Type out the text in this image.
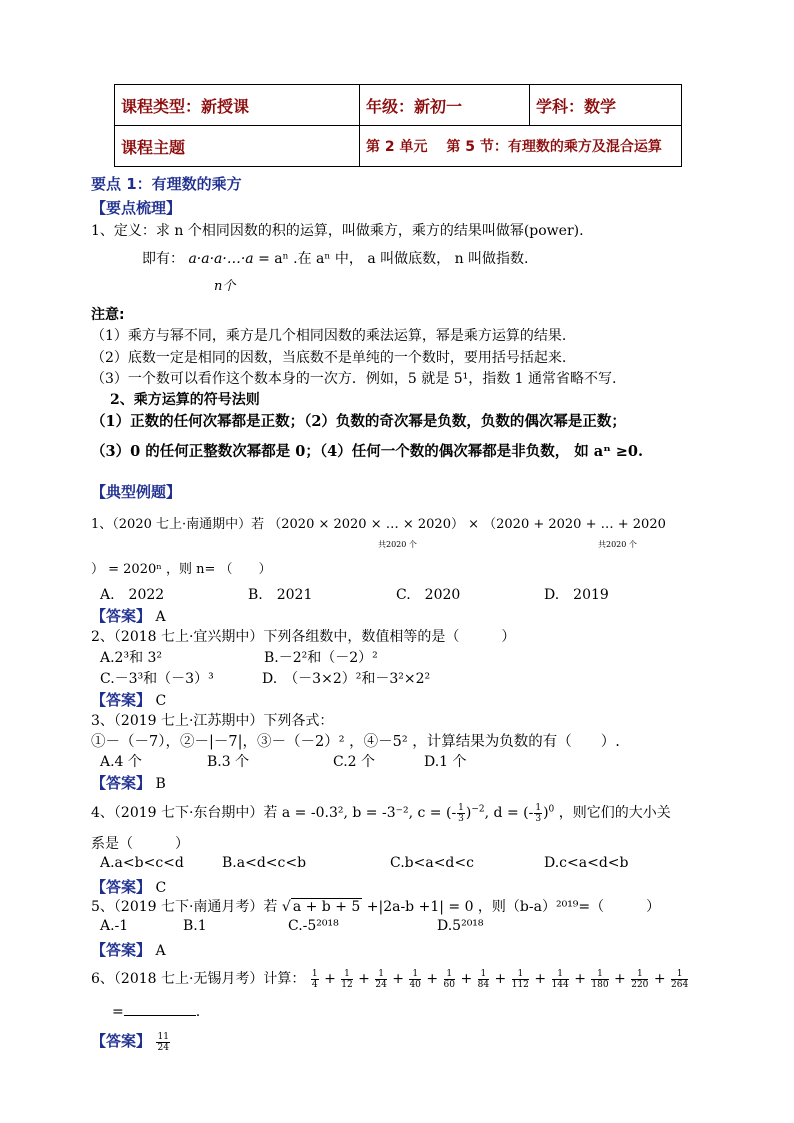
课程类型：新授课	年级：新初一	学科：数学
课程主题	第 2 单元　 第 5 节：有理数的乘方及混合运算	
要点 1：有理数的乘方
【要点梳理】
1、定义：求 n 个相同因数的积的运算，叫做乘方，乘方的结果叫做幂(power).
即有： a·a·a·…·a = aⁿ .在 aⁿ 中， a 叫做底数， n 叫做指数.
n个
注意:
（1）乘方与幂不同，乘方是几个相同因数的乘法运算，幂是乘方运算的结果.
（2）底数一定是相同的因数，当底数不是单纯的一个数时，要用括号括起来.
（3）一个数可以看作这个数本身的一次方．例如，5 就是 5¹，指数 1 通常省略不写.
2、乘方运算的符号法则
（1）正数的任何次幂都是正数；（2）负数的奇次幂是负数，负数的偶次幂是正数；
（3）0 的任何正整数次幂都是 0；（4）任何一个数的偶次幂都是非负数， 如 aⁿ ≥0.
【典型例题】
1、（2020 七上·南通期中）若 （2020 × 2020 × … × 2020） × （2020 + 2020 + … + 2020
共2020 个	共2020 个
） = 2020ⁿ ，则 n= （　　）
A.　2022	B.　2021	C.　2020	D.　2019
【答案】 A
2、（2018 七上·宜兴期中）下列各组数中，数值相等的是（　　　）
A.2³和 3²	B.－2²和（－2）²
C.－3³和（－3）³	D.　（－3×2）²和－3²×2²
【答案】 C
3、（2019 七上·江苏期中）下列各式：
①－（－7），②－|－7|，③－（－2）² ，④－5² ，计算结果为负数的有（　　）.
A.4 个	B.3 个	C.2 个	D.1 个
【答案】 B
4、（2019 七下·东台期中）若 a = -0.3², b = -3⁻², c = (- $\frac{1}{3} )^{-2}$, d = (- $\frac{1}{3} )^0$ ，则它们的大小关
系是（　　　）
A.a<b<c<d	B.a<d<c<b	C.b<a<d<c	D.c<a<d<b
【答案】 C
5、（2019 七下·南通月考）若 √ a + b + 5 +|2a-b +1| = 0 ，则（b-a）²⁰¹⁹=（　　　）
A.-1	B.1	C.-5²⁰¹⁸	D.5²⁰¹⁸
【答案】 A
6、（2018 七上·无锡月考）计算： $\frac{1}{4} + \frac{1}{12} + \frac{1}{24} + \frac{1}{40} + \frac{1}{60} + \frac{1}{84} + \frac{1}{112} + \frac{1}{144} + \frac{1}{180} + \frac{1}{220} + \frac{1}{264}$
=	.
【答案】 $\frac{11}{24}$
